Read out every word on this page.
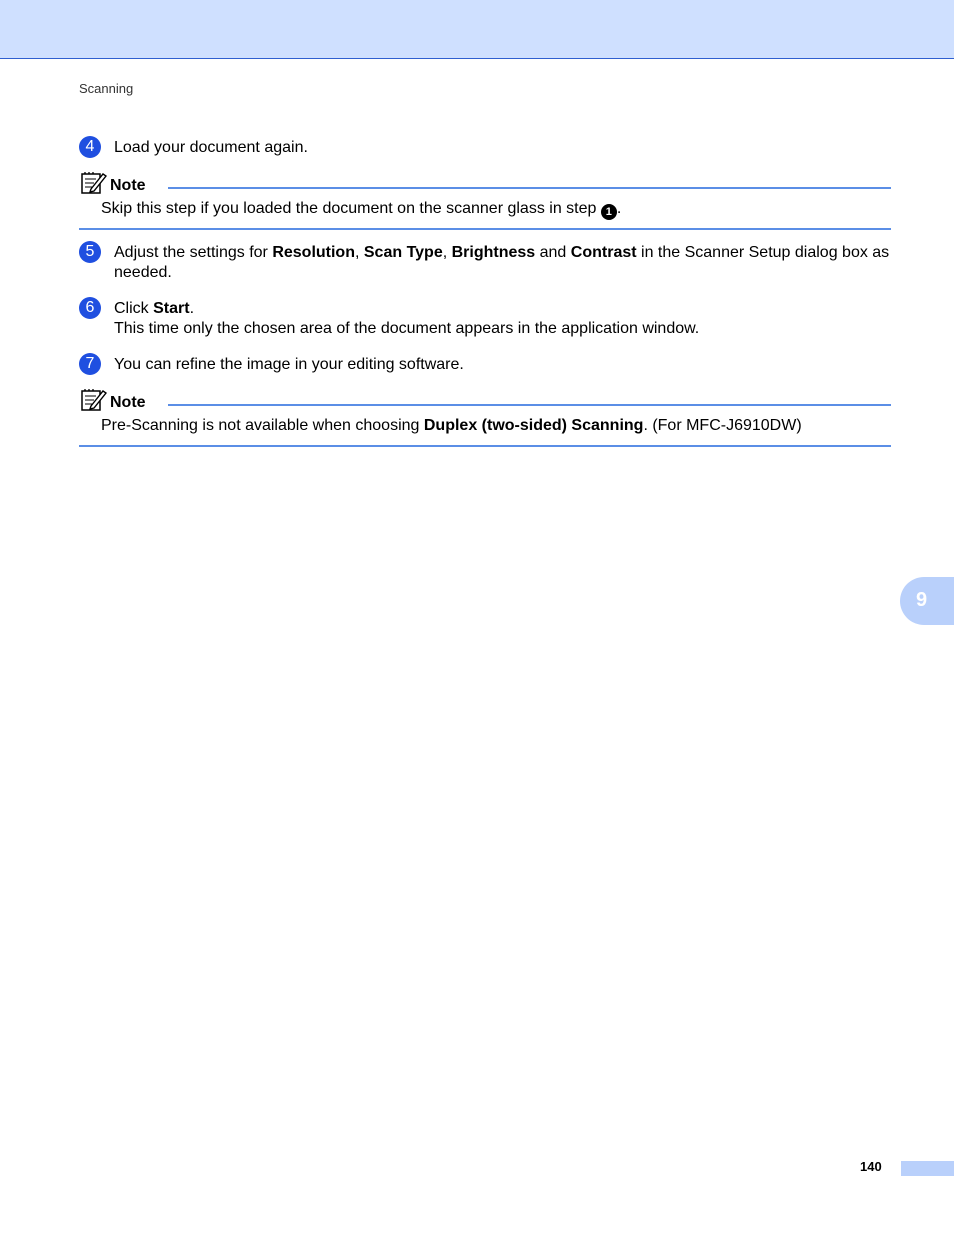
Scanning
4	Load your document again.
Note
Skip this step if you loaded the document on the scanner glass in step 1 .
5	Adjust the settings for Resolution, Scan Type, Brightness and Contrast in the Scanner Setup dialog box as needed.
6	Click Start.
This time only the chosen area of the document appears in the application window.
7	You can refine the image in your editing software.
Note
Pre-Scanning is not available when choosing Duplex (two-sided) Scanning. (For MFC-J6910DW)
9
140
